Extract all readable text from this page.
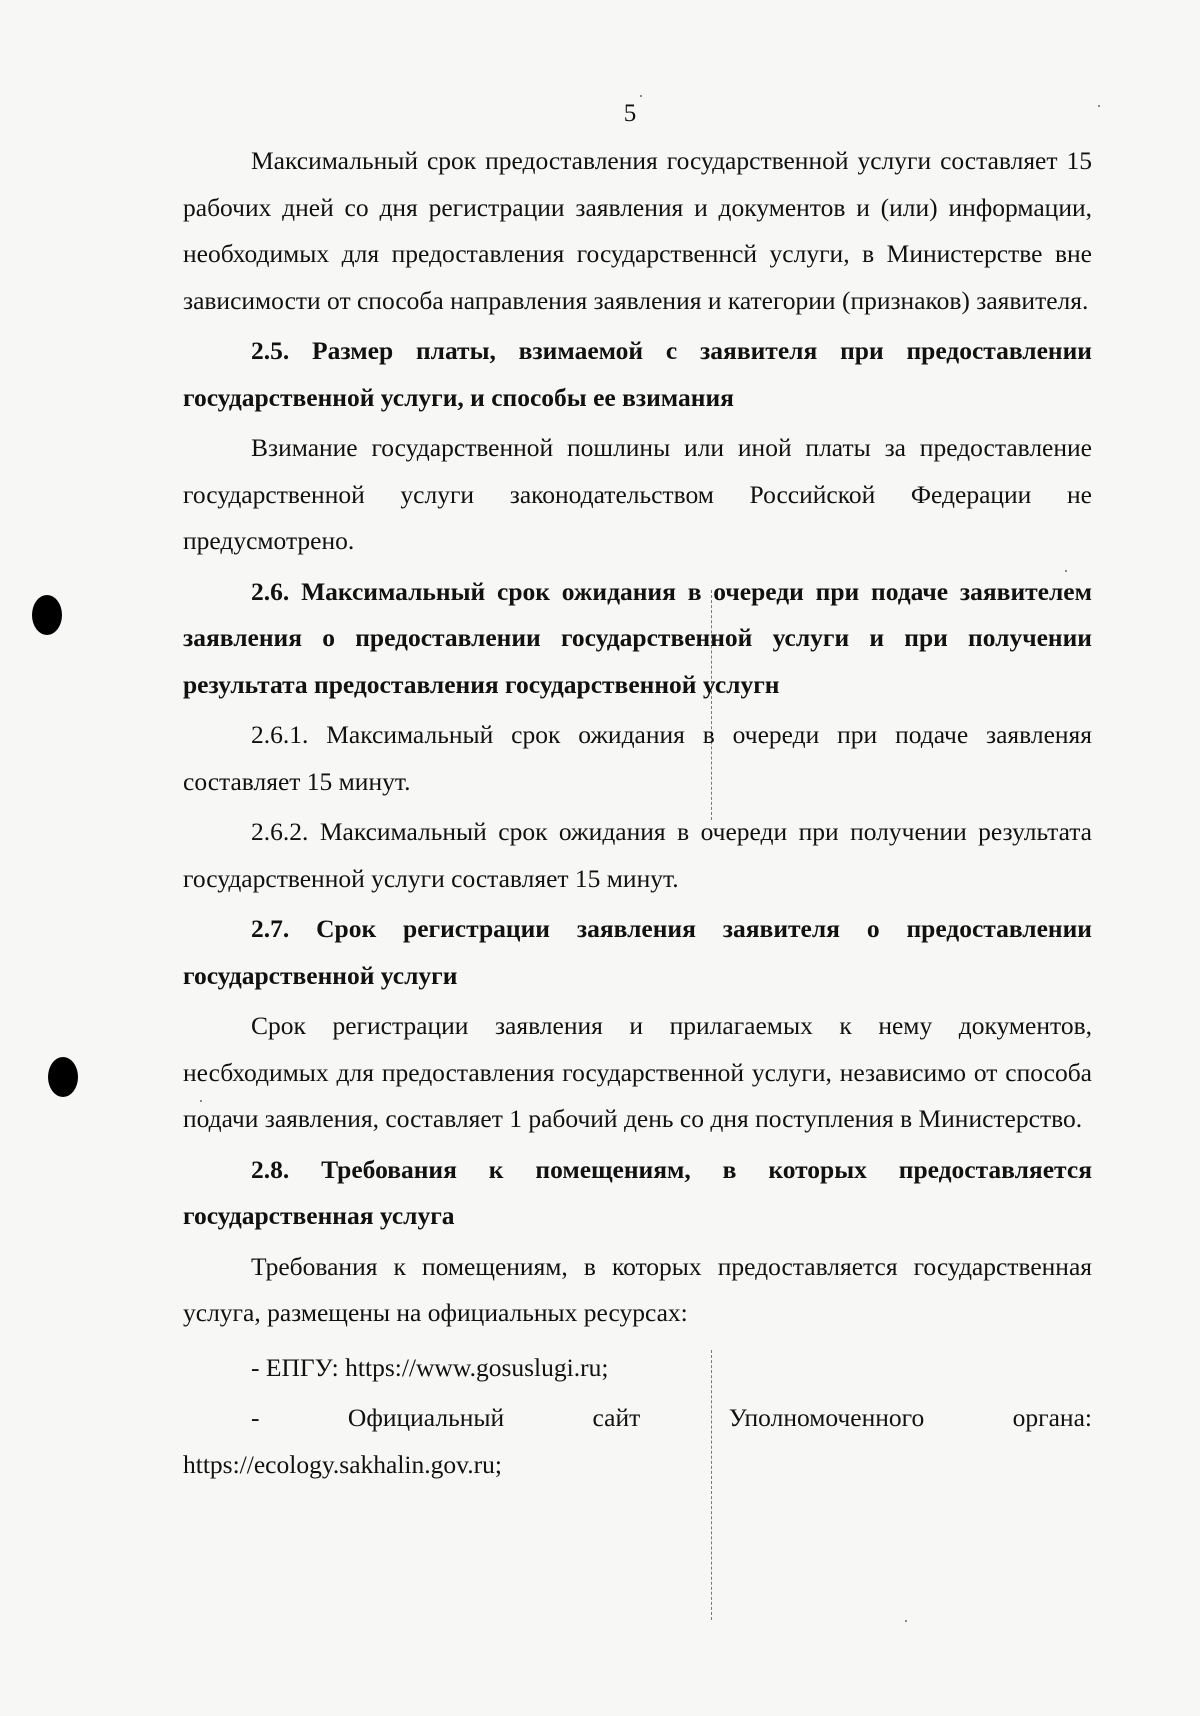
5

Максимальный срок предоставления государственной услуги составляет 15 рабочих дней со дня регистрации заявления и документов и (или) информации, необходимых для предоставления государственнсй услуги, в Министерстве вне зависимости от способа направления заявления и категории (признаков) заявителя.

2.5. Размер платы, взимаемой с заявителя при предоставлении государственной услуги, и способы ее взимания

Взимание государственной пошлины или иной платы за предоставление государственной услуги законодательством Российской Федерации не предусмотрено.

2.6. Максимальный срок ожидания в очереди при подаче заявителем заявления о предоставлении государственной услуги и при получении результата предоставления государственной услугн

2.6.1. Максимальный срок ожидания в очереди при подаче заявленяя составляет 15 минут.

2.6.2. Максимальный срок ожидания в очереди при получении результата государственной услуги составляет 15 минут.

2.7. Срок регистрации заявления заявителя о предоставлении государственной услуги

Срок регистрации заявления и прилагаемых к нему документов, несбходимых для предоставления государственной услуги, независимо от способа подачи заявления, составляет 1 рабочий день со дня поступления в Министерство.

2.8. Требования к помещениям, в которых предоставляется государственная услуга

Требования к помещениям, в которых предоставляется государственная услуга, размещены на официальных ресурсах:

- ЕПГУ: https://www.gosuslugi.ru;

-	Официальный	сайт	Уполномоченного	органа:

https://ecology.sakhalin.gov.ru;
